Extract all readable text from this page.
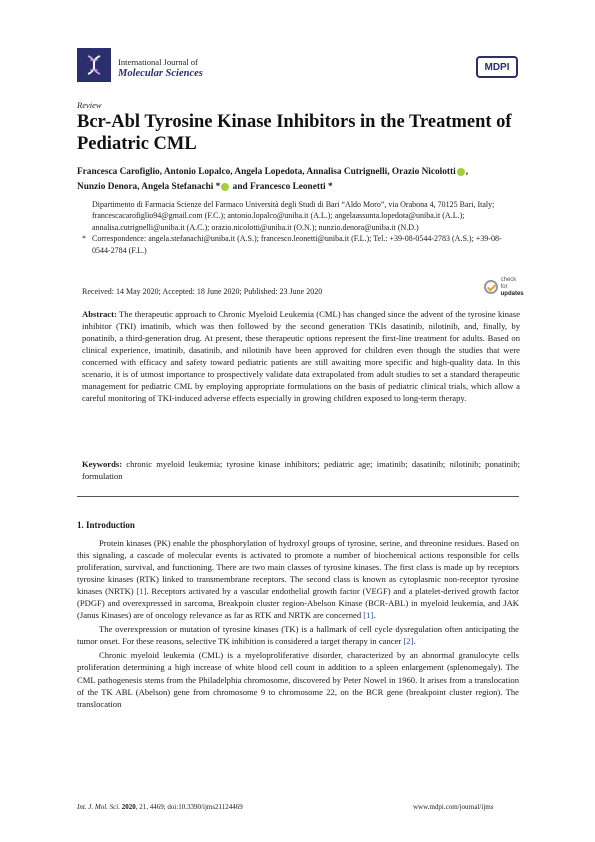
International Journal of
Molecular Sciences
MDPI
Review
Bcr-Abl Tyrosine Kinase Inhibitors in the Treatment of Pediatric CML
Francesca Carofiglio, Antonio Lopalco, Angela Lopedota, Annalisa Cutrignelli, Orazio Nicolotti ,
Nunzio Denora, Angela Stefanachi * and Francesco Leonetti *
Dipartimento di Farmacia Scienze del Farmaco Università degli Studi di Bari “Aldo Moro”, via Orabona 4, 70125 Bari, Italy; francescacarofiglio94@gmail.com (F.C.); antonio.lopalco@uniba.it (A.L.); angelaassunta.lopedota@uniba.it (A.L.); annalisa.cutrignelli@uniba.it (A.C.); orazio.nicolotti@uniba.it (O.N.); nunzio.denora@uniba.it (N.D.)
* Correspondence: angela.stefanachi@uniba.it (A.S.); francesco.leonetti@uniba.it (F.L.); Tel.: +39-08-0544-2783 (A.S.); +39-08-0544-2784 (F.L.)
check for
updates
Received: 14 May 2020; Accepted: 18 June 2020; Published: 23 June 2020
Abstract: The therapeutic approach to Chronic Myeloid Leukemia (CML) has changed since the advent of the tyrosine kinase inhibitor (TKI) imatinib, which was then followed by the second generation TKIs dasatinib, nilotinib, and, finally, by ponatinib, a third-generation drug. At present, these therapeutic options represent the first-line treatment for adults. Based on clinical experience, imatinib, dasatinib, and nilotinib have been approved for children even though the studies that were concerned with efficacy and safety toward pediatric patients are still awaiting more specific and high-quality data. In this scenario, it is of utmost importance to prospectively validate data extrapolated from adult studies to set a standard therapeutic management for pediatric CML by employing appropriate formulations on the basis of pediatric clinical trials, which allow a careful monitoring of TKI-induced adverse effects especially in growing children exposed to long-term therapy.
Keywords: chronic myeloid leukemia; tyrosine kinase inhibitors; pediatric age; imatinib; dasatinib; nilotinib; ponatinib; formulation
1. Introduction

Protein kinases (PK) enable the phosphorylation of hydroxyl groups of tyrosine, serine, and threonine residues. Based on this signaling, a cascade of molecular events is activated to promote a number of biochemical actions responsible for cells proliferation, survival, and functioning. There are two main classes of tyrosine kinases. The first class is made up by receptors tyrosine kinases (RTK) linked to transmembrane receptors. The second class is known as cytoplasmic non-receptor tyrosine kinases (NRTK) [1]. Receptors activated by a vascular endothelial growth factor (VEGF) and a platelet-derived growth factor (PDGF) and overexpressed in sarcoma, Breakpoin cluster region-Abelson Kinase (BCR-ABL) in myeloid leukemia, and JAK (Janus Kinases) are of oncology relevance as far as RTK and NRTK are concerned [1].

The overexpression or mutation of tyrosine kinases (TK) is a hallmark of cell cycle dysregulation often anticipating the tumor onset. For these reasons, selective TK inhibition is considered a target therapy in cancer [2].

Chronic myeloid leukemia (CML) is a myeloproliferative disorder, characterized by an abnormal granulocyte cells proliferation determining a high increase of white blood cell count in addition to a spleen enlargement (splenomegaly). The CML pathogenesis stems from the Philadelphia chromosome, discovered by Peter Nowel in 1960. It arises from a translocation of the TK ABL (Abelson) gene from chromosome 9 to chromosome 22, on the BCR gene (breakpoint cluster region). The translocation

Int. J. Mol. Sci. 2020, 21, 4469; doi:10.3390/ijms21124469	www.mdpi.com/journal/ijms
